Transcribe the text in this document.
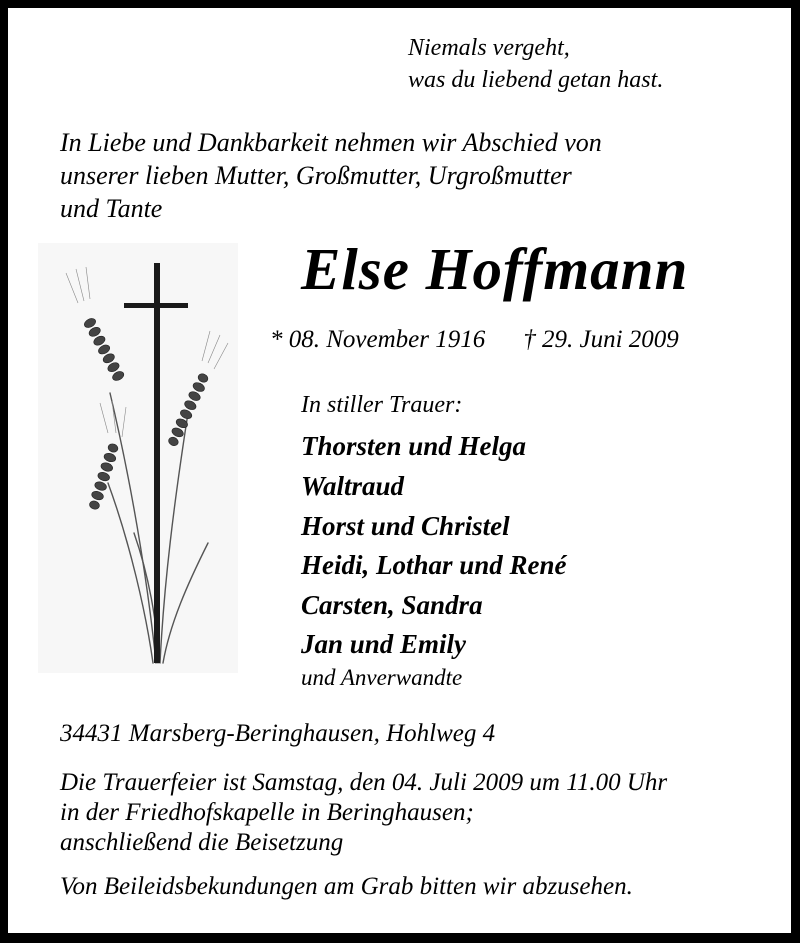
Niemals vergeht,
was du liebend getan hast.
In Liebe und Dankbarkeit nehmen wir Abschied von
unserer lieben Mutter, Großmutter, Urgroßmutter
und Tante
Else Hoffmann
* 08. November 1916 † 29. Juni 2009
In stiller Trauer:
Thorsten und Helga
Waltraud
Horst und Christel
Heidi, Lothar und René
Carsten, Sandra
Jan und Emily
und Anverwandte
34431 Marsberg-Beringhausen, Hohlweg 4
Die Trauerfeier ist Samstag, den 04. Juli 2009 um 11.00 Uhr
in der Friedhofskapelle in Beringhausen;
anschließend die Beisetzung
Von Beileidsbekundungen am Grab bitten wir abzusehen.
